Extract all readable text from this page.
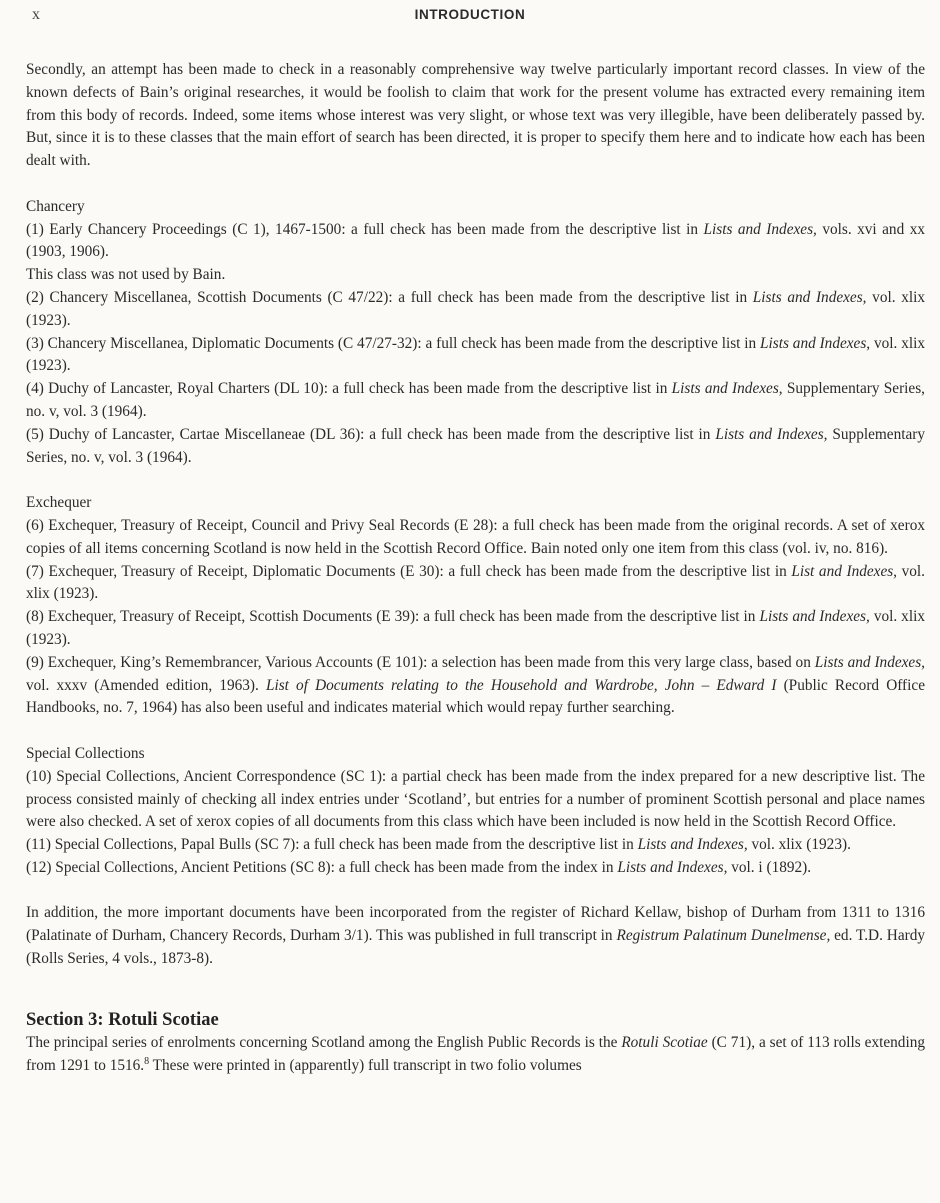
x	INTRODUCTION

Secondly, an attempt has been made to check in a reasonably comprehensive way twelve particularly important record classes. In view of the known defects of Bain’s original researches, it would be foolish to claim that work for the present volume has extracted every remaining item from this body of records. Indeed, some items whose interest was very slight, or whose text was very illegible, have been deliberately passed by. But, since it is to these classes that the main effort of search has been directed, it is proper to specify them here and to indicate how each has been dealt with.

Chancery

(1) Early Chancery Proceedings (C 1), 1467-1500: a full check has been made from the descriptive list in Lists and Indexes, vols. xvi and xx (1903, 1906).

This class was not used by Bain.

(2) Chancery Miscellanea, Scottish Documents (C 47/22): a full check has been made from the descriptive list in Lists and Indexes, vol. xlix (1923).

(3) Chancery Miscellanea, Diplomatic Documents (C 47/27-32): a full check has been made from the descriptive list in Lists and Indexes, vol. xlix (1923).

(4) Duchy of Lancaster, Royal Charters (DL 10): a full check has been made from the descriptive list in Lists and Indexes, Supplementary Series, no. v, vol. 3 (1964).

(5) Duchy of Lancaster, Cartae Miscellaneae (DL 36): a full check has been made from the descriptive list in Lists and Indexes, Supplementary Series, no. v, vol. 3 (1964).

Exchequer

(6) Exchequer, Treasury of Receipt, Council and Privy Seal Records (E 28): a full check has been made from the original records. A set of xerox copies of all items concerning Scotland is now held in the Scottish Record Office. Bain noted only one item from this class (vol. iv, no. 816).

(7) Exchequer, Treasury of Receipt, Diplomatic Documents (E 30): a full check has been made from the descriptive list in List and Indexes, vol. xlix (1923).

(8) Exchequer, Treasury of Receipt, Scottish Documents (E 39): a full check has been made from the descriptive list in Lists and Indexes, vol. xlix (1923).

(9) Exchequer, King’s Remembrancer, Various Accounts (E 101): a selection has been made from this very large class, based on Lists and Indexes, vol. xxxv (Amended edition, 1963). List of Documents relating to the Household and Wardrobe, John – Edward I (Public Record Office Handbooks, no. 7, 1964) has also been useful and indicates material which would repay further searching.

Special Collections

(10) Special Collections, Ancient Correspondence (SC 1): a partial check has been made from the index prepared for a new descriptive list. The process consisted mainly of checking all index entries under ‘Scotland’, but entries for a number of prominent Scottish personal and place names were also checked. A set of xerox copies of all documents from this class which have been included is now held in the Scottish Record Office.

(11) Special Collections, Papal Bulls (SC 7): a full check has been made from the descriptive list in Lists and Indexes, vol. xlix (1923).

(12) Special Collections, Ancient Petitions (SC 8): a full check has been made from the index in Lists and Indexes, vol. i (1892).

In addition, the more important documents have been incorporated from the register of Richard Kellaw, bishop of Durham from 1311 to 1316 (Palatinate of Durham, Chancery Records, Durham 3/1). This was published in full transcript in Registrum Palatinum Dunelmense, ed. T.D. Hardy (Rolls Series, 4 vols., 1873-8).

Section 3: Rotuli Scotiae

The principal series of enrolments concerning Scotland among the English Public Records is the Rotuli Scotiae (C 71), a set of 113 rolls extending from 1291 to 1516.$^8$ These were printed in (apparently) full transcript in two folio volumes
